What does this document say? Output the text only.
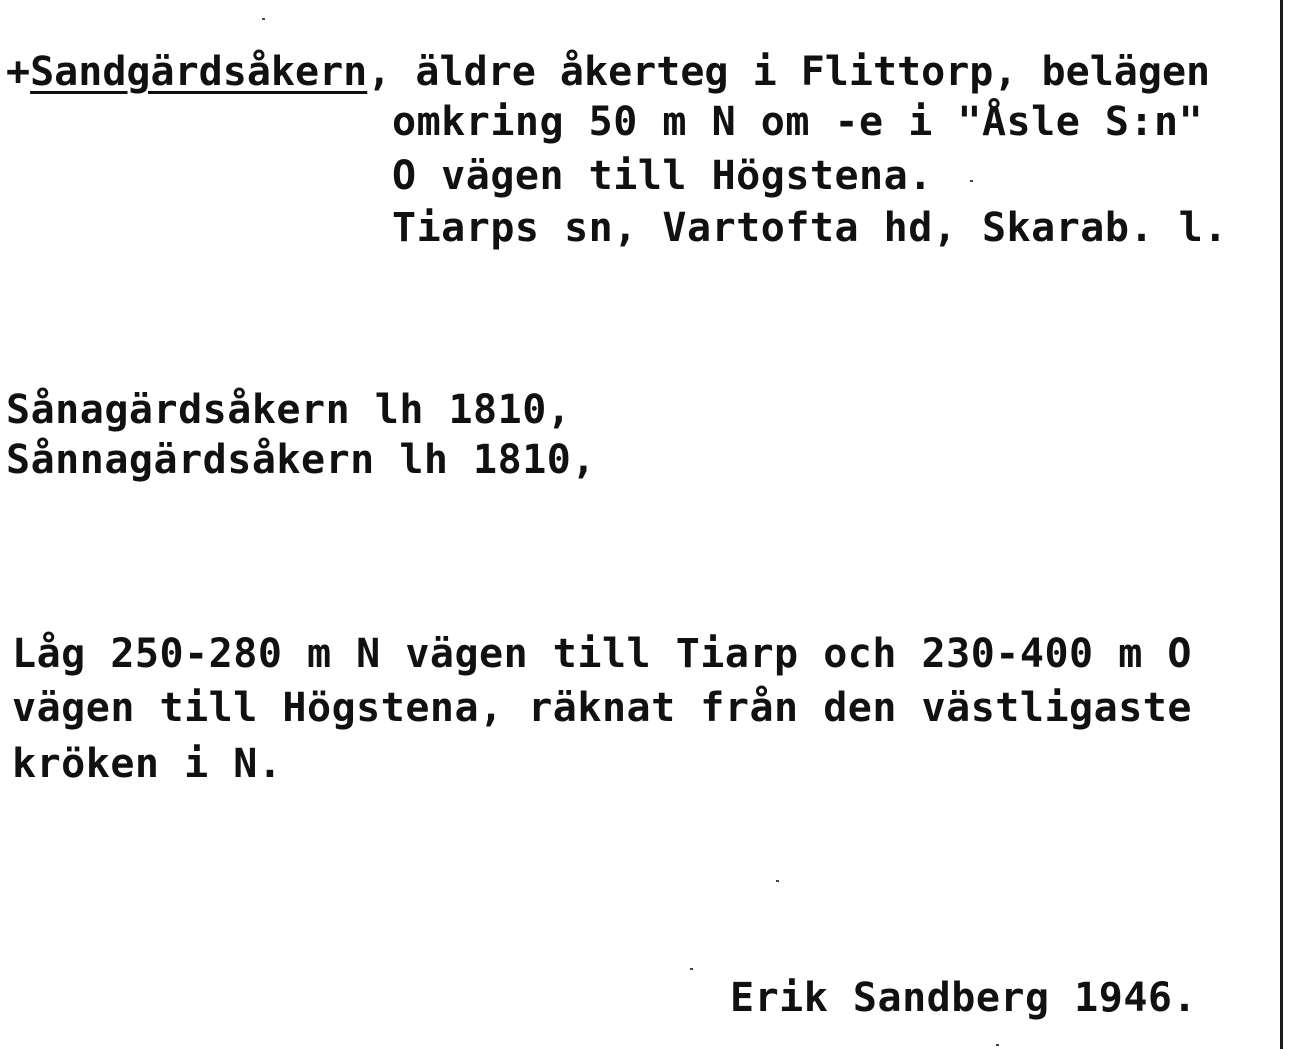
+Sandgärdsåkern, äldre åkerteg i Flittorp, belägen
omkring 50 m N om -e i "Åsle S:n"
O vägen till Högstena.
Tiarps sn, Vartofta hd, Skarab. l.
Sånagärdsåkern lh 1810,
Sånnagärdsåkern lh 1810,
Låg 250-280 m N vägen till Tiarp och 230-400 m O
vägen till Högstena, räknat från den västligaste
kröken i N.
Erik Sandberg 1946.
